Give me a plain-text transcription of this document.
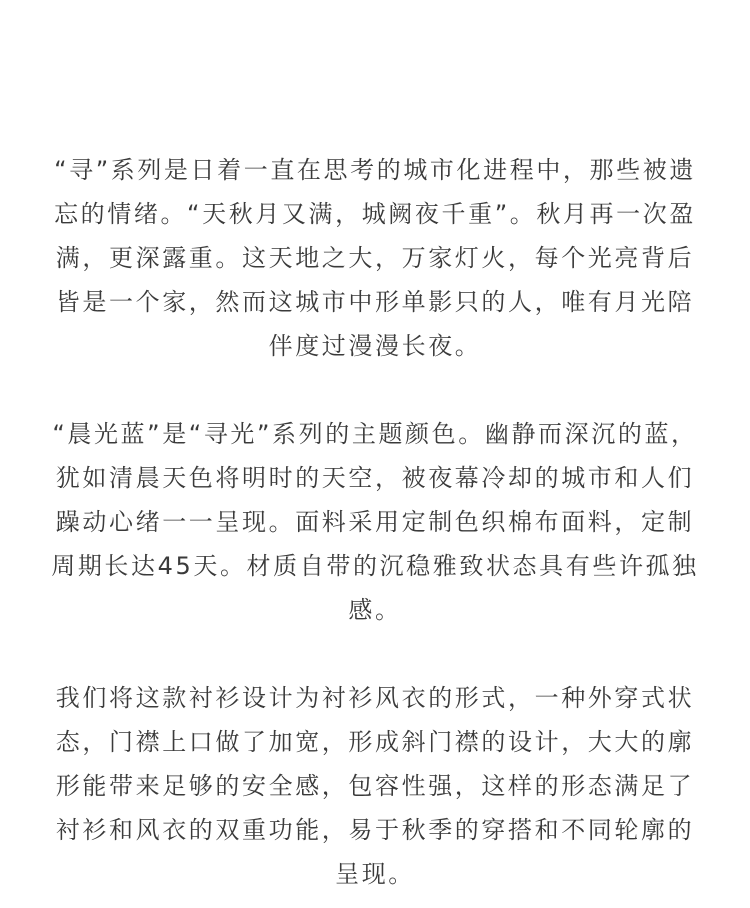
“寻”系列是日着一直在思考的城市化进程中，那些被遗
忘的情绪。“天秋月又满，城阙夜千重”。秋月再一次盈
满，更深露重。这天地之大，万家灯火，每个光亮背后
皆是一个家，然而这城市中形单影只的人，唯有月光陪
伴度过漫漫长夜。

“晨光蓝”是“寻光”系列的主题颜色。幽静而深沉的蓝，
犹如清晨天色将明时的天空，被夜幕冷却的城市和人们
躁动心绪一一呈现。面料采用定制色织棉布面料，定制
周期长达45天。材质自带的沉稳雅致状态具有些许孤独
感。

我们将这款衬衫设计为衬衫风衣的形式，一种外穿式状
态，门襟上口做了加宽，形成斜门襟的设计，大大的廓
形能带来足够的安全感，包容性强，这样的形态满足了
衬衫和风衣的双重功能，易于秋季的穿搭和不同轮廓的
呈现。
